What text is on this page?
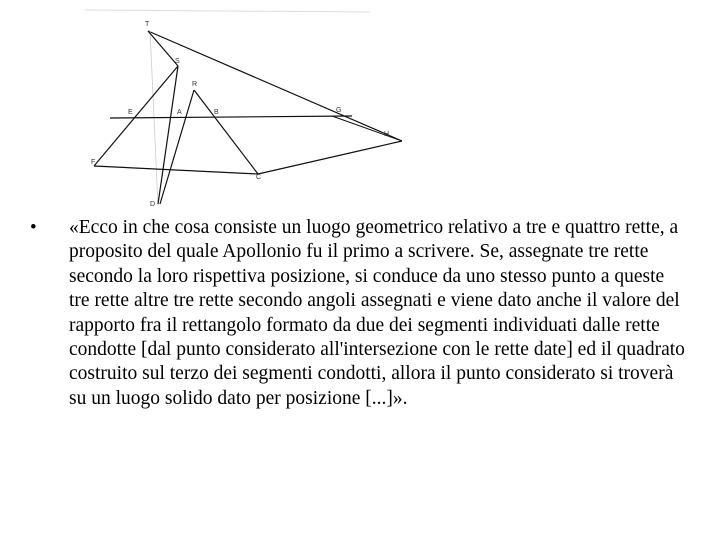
T
S
R
E	A	B	G
H
F
C
D
• «Ecco in che cosa consiste un luogo geometrico relativo a tre e quattro rette, a proposito del quale Apollonio fu il primo a scrivere. Se, assegnate tre rette secondo la loro rispettiva posizione, si conduce da uno stesso punto a queste tre rette altre tre rette secondo angoli assegnati e viene dato anche il valore del rapporto fra il rettangolo formato da due dei segmenti individuati dalle rette condotte [dal punto considerato all'intersezione con le rette date] ed il quadrato costruito sul terzo dei segmenti condotti, allora il punto considerato si troverà su un luogo solido dato per posizione [...]».
